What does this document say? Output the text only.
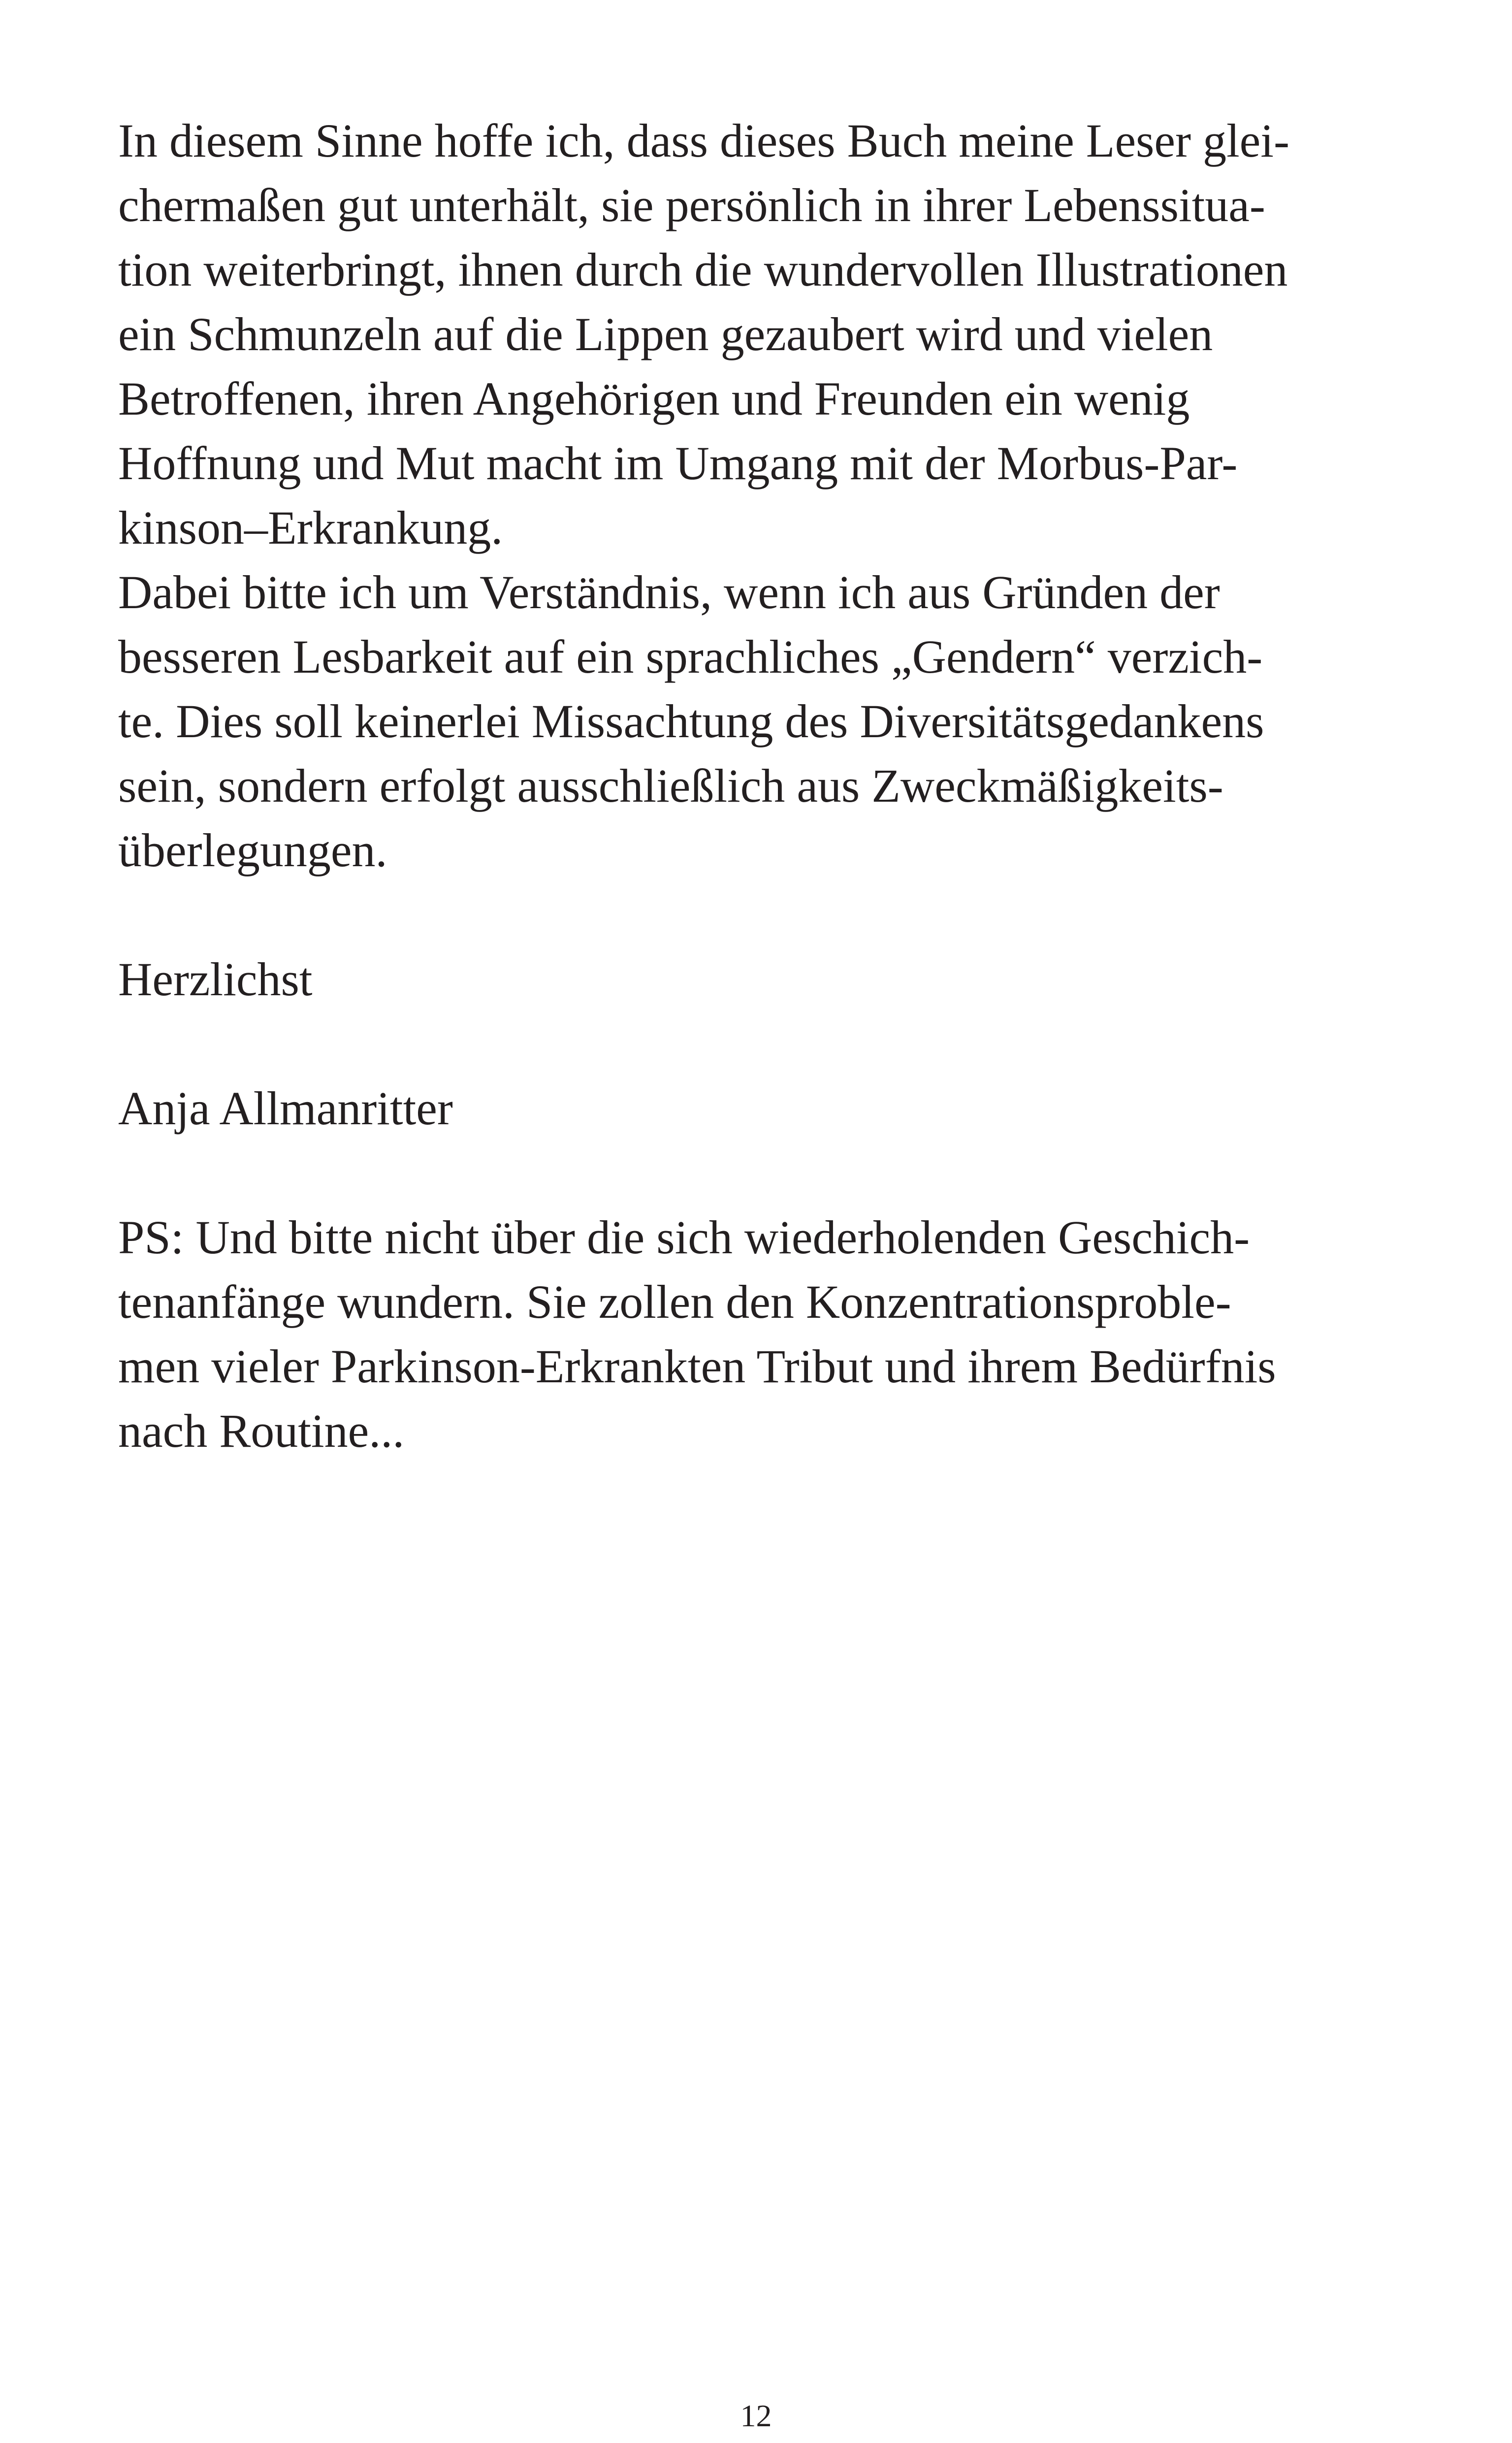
In diesem Sinne hoffe ich, dass dieses Buch meine Leser glei-
chermaßen gut unterhält, sie persönlich in ihrer Lebenssitua-
tion weiterbringt, ihnen durch die wundervollen Illustrationen
ein Schmunzeln auf die Lippen gezaubert wird und vielen
Betroffenen, ihren Angehörigen und Freunden ein wenig
Hoffnung und Mut macht im Umgang mit der Morbus-Par-
kinson–Erkrankung.
Dabei bitte ich um Verständnis, wenn ich aus Gründen der
besseren Lesbarkeit auf ein sprachliches „Gendern“ verzich-
te. Dies soll keinerlei Missachtung des Diversitätsgedankens
sein, sondern erfolgt ausschließlich aus Zweckmäßigkeits-
überlegungen.
Herzlichst
Anja Allmanritter
PS: Und bitte nicht über die sich wiederholenden Geschich-
tenanfänge wundern. Sie zollen den Konzentrationsproble-
men vieler Parkinson-Erkrankten Tribut und ihrem Bedürfnis
nach Routine...
12
